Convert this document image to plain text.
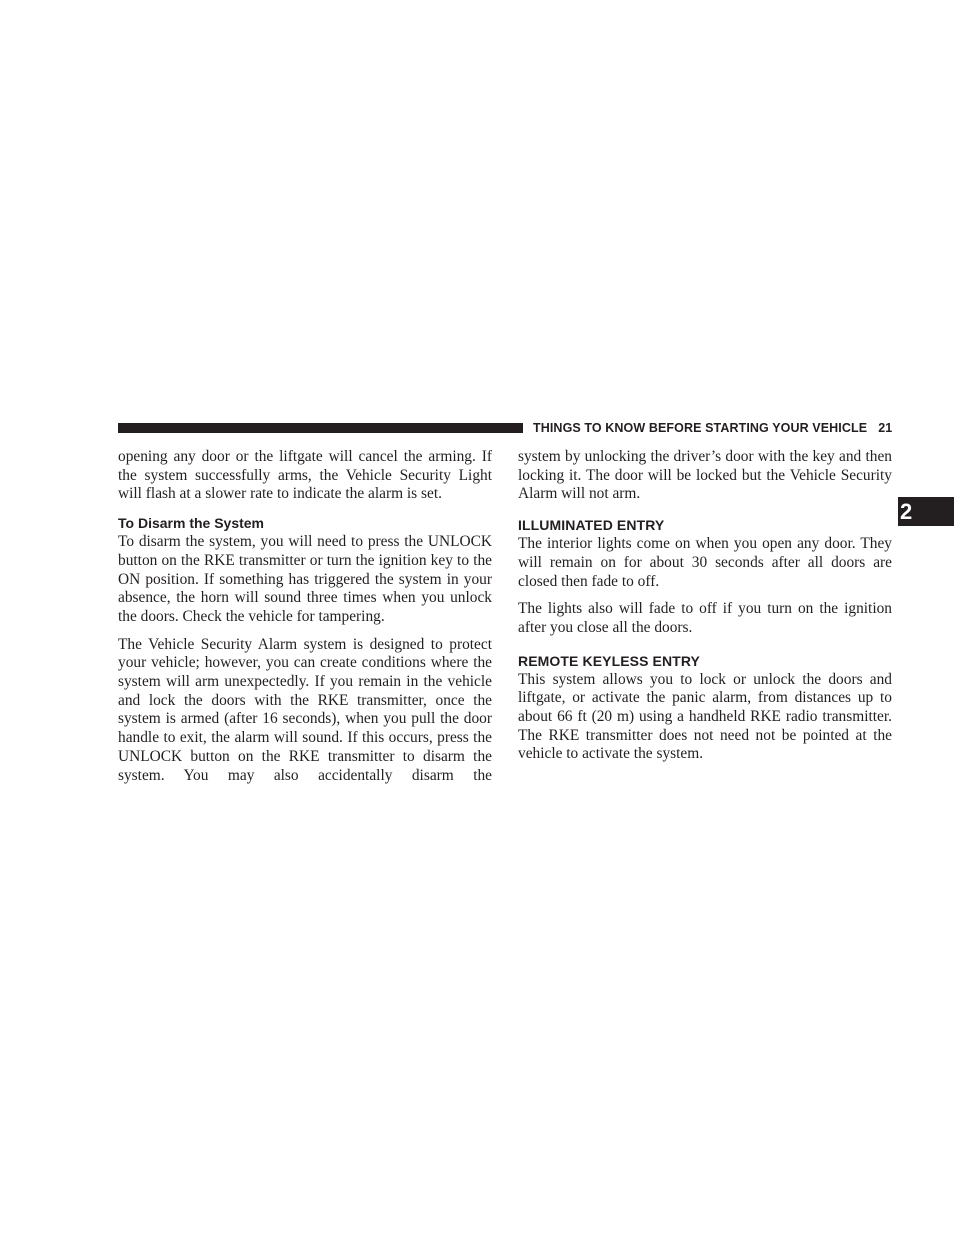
THINGS TO KNOW BEFORE STARTING YOUR VEHICLE 21
2

opening any door or the liftgate will cancel the arming. If the system successfully arms, the Vehicle Security Light will flash at a slower rate to indicate the alarm is set.

To Disarm the System

To disarm the system, you will need to press the UNLOCK button on the RKE transmitter or turn the ignition key to the ON position. If something has triggered the system in your absence, the horn will sound three times when you unlock the doors. Check the vehicle for tampering.

The Vehicle Security Alarm system is designed to protect your vehicle; however, you can create conditions where the system will arm unexpectedly. If you remain in the vehicle and lock the doors with the RKE transmitter, once the system is armed (after 16 seconds), when you pull the door handle to exit, the alarm will sound. If this occurs, press the UNLOCK button on the RKE transmitter to disarm the system. You may also accidentally disarm the

system by unlocking the driver’s door with the key and then locking it. The door will be locked but the Vehicle Security Alarm will not arm.

ILLUMINATED ENTRY

The interior lights come on when you open any door. They will remain on for about 30 seconds after all doors are closed then fade to off.

The lights also will fade to off if you turn on the ignition after you close all the doors.

REMOTE KEYLESS ENTRY

This system allows you to lock or unlock the doors and liftgate, or activate the panic alarm, from distances up to about 66 ft (20 m) using a handheld RKE radio transmitter. The RKE transmitter does not need not be pointed at the vehicle to activate the system.
